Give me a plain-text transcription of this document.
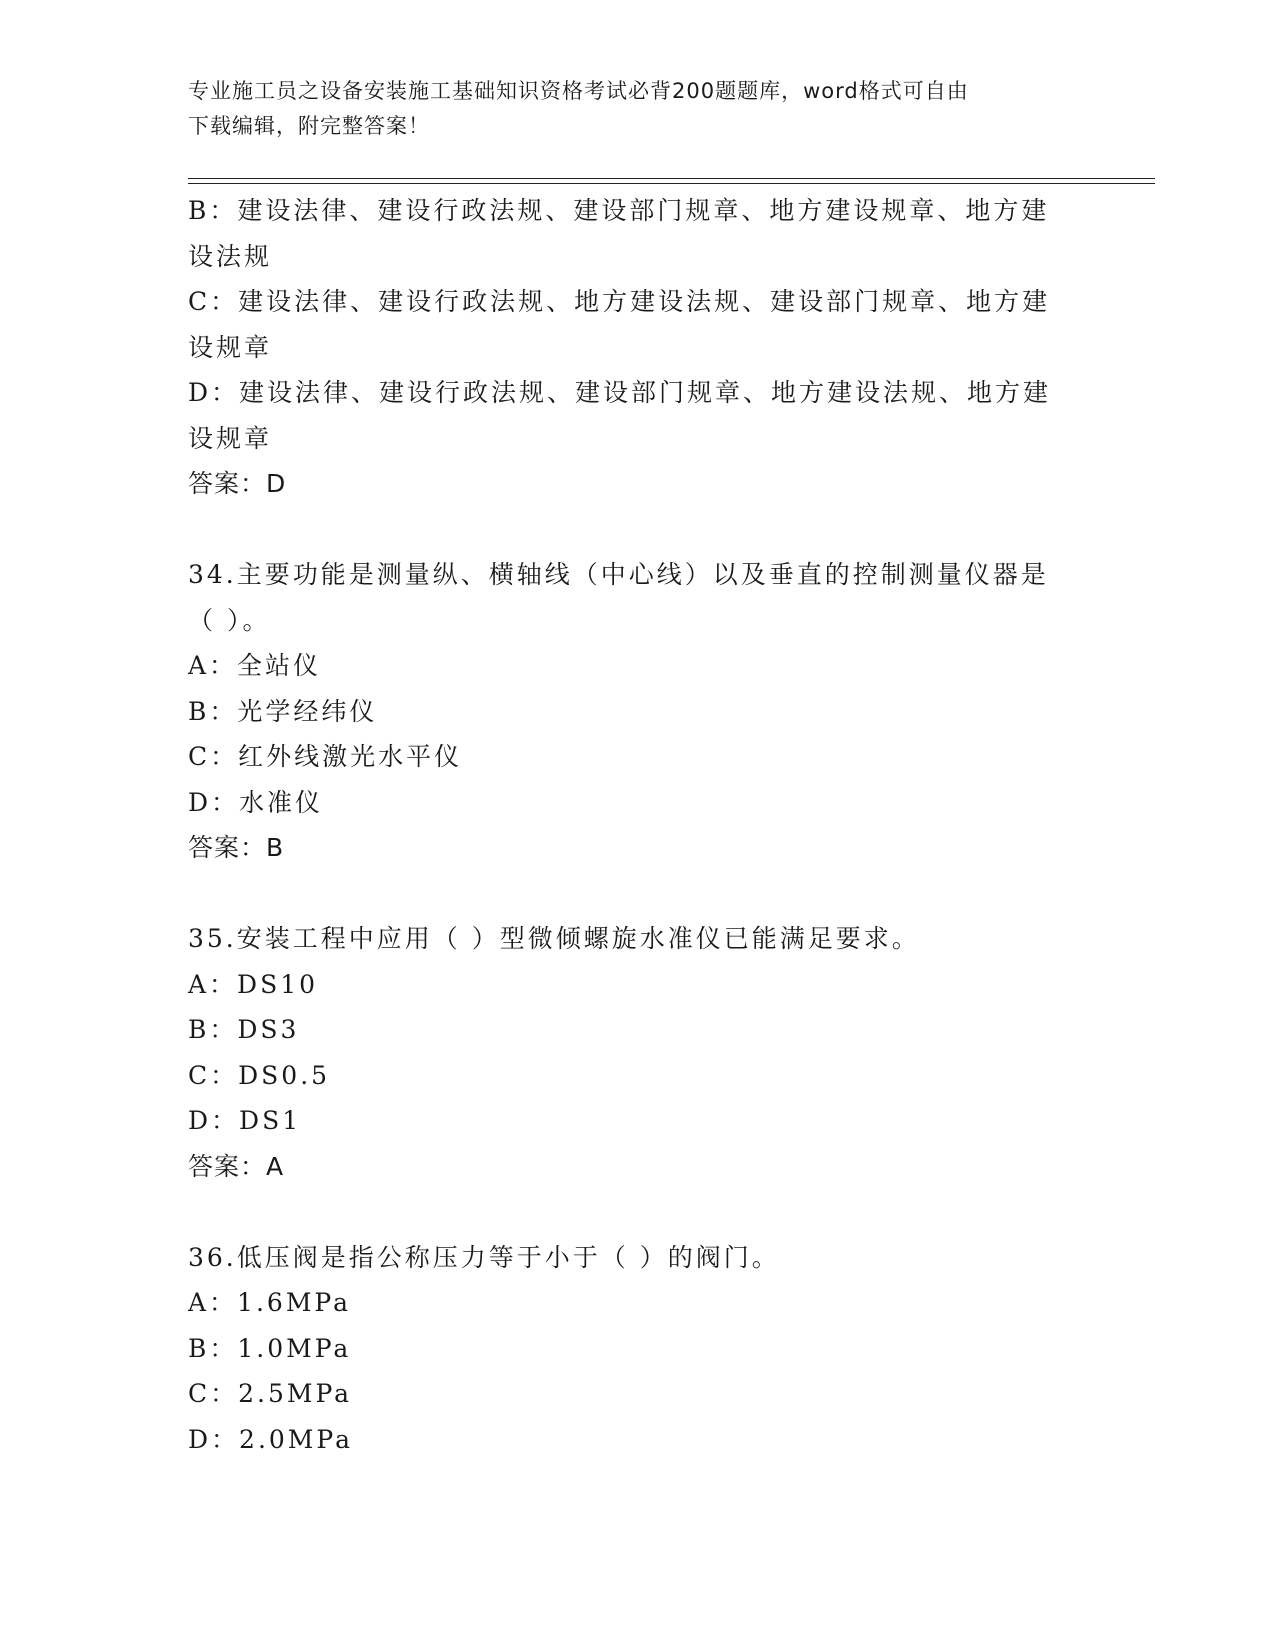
专业施工员之设备安装施工基础知识资格考试必背200题题库，word格式可自由
下载编辑，附完整答案！
B：建设法律、建设行政法规、建设部门规章、地方建设规章、地方建
设法规
C：建设法律、建设行政法规、地方建设法规、建设部门规章、地方建
设规章
D：建设法律、建设行政法规、建设部门规章、地方建设法规、地方建
设规章
答案：D
34.主要功能是测量纵、横轴线（中心线）以及垂直的控制测量仪器是
（ ）。
A：全站仪
B：光学经纬仪
C：红外线激光水平仪
D：水准仪
答案：B
35.安装工程中应用（ ）型微倾螺旋水准仪已能满足要求。
A：DS10
B：DS3
C：DS0.5
D：DS1
答案：A
36.低压阀是指公称压力等于小于（ ）的阀门。
A：1.6MPa
B：1.0MPa
C：2.5MPa
D：2.0MPa
